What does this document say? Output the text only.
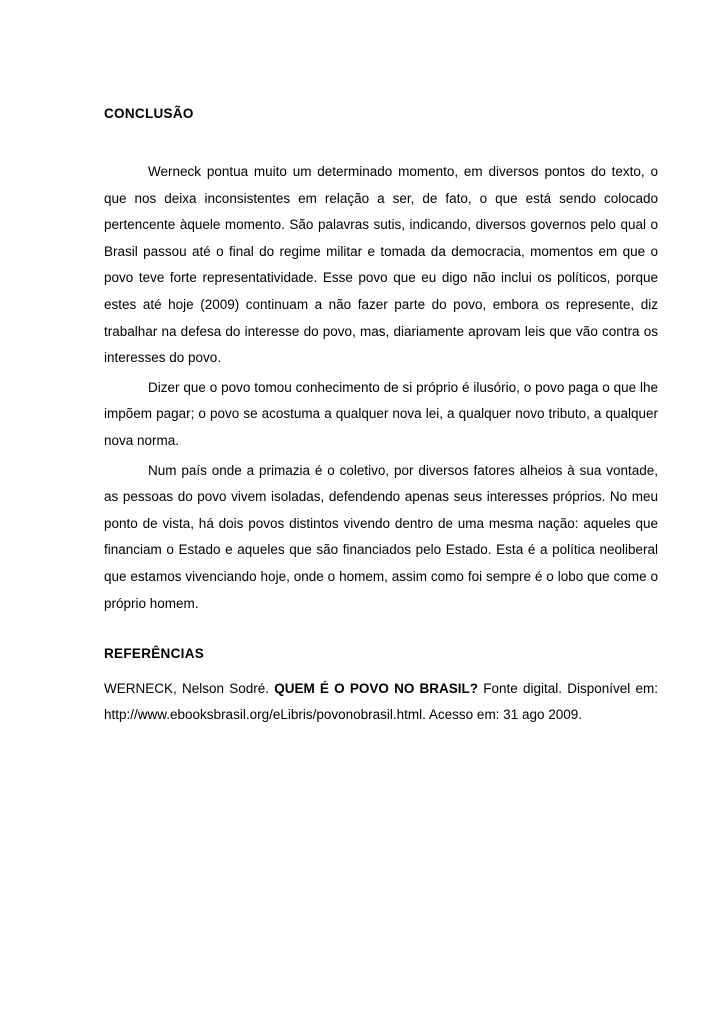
CONCLUSÃO

Werneck pontua muito um determinado momento, em diversos pontos do texto, o que nos deixa inconsistentes em relação a ser, de fato, o que está sendo colocado pertencente àquele momento. São palavras sutis, indicando, diversos governos pelo qual o Brasil passou até o final do regime militar e tomada da democracia, momentos em que o povo teve forte representatividade. Esse povo que eu digo não inclui os políticos, porque estes até hoje (2009) continuam a não fazer parte do povo, embora os represente, diz trabalhar na defesa do interesse do povo, mas, diariamente aprovam leis que vão contra os interesses do povo.

Dizer que o povo tomou conhecimento de si próprio é ilusório, o povo paga o que lhe impõem pagar; o povo se acostuma a qualquer nova lei, a qualquer novo tributo, a qualquer nova norma.

Num país onde a primazia é o coletivo, por diversos fatores alheios à sua vontade, as pessoas do povo vivem isoladas, defendendo apenas seus interesses próprios. No meu ponto de vista, há dois povos distintos vivendo dentro de uma mesma nação: aqueles que financiam o Estado e aqueles que são financiados pelo Estado. Esta é a política neoliberal que estamos vivenciando hoje, onde o homem, assim como foi sempre é o lobo que come o próprio homem.

REFERÊNCIAS

WERNECK, Nelson Sodré. QUEM É O POVO NO BRASIL? Fonte digital. Disponível em: http://www.ebooksbrasil.org/eLibris/povonobrasil.html. Acesso em: 31 ago 2009.
